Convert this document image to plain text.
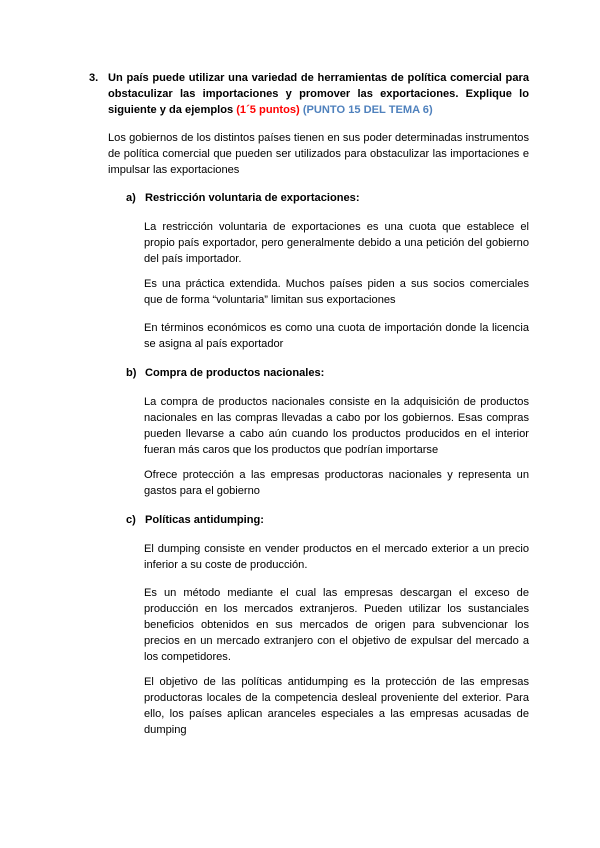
3. Un país puede utilizar una variedad de herramientas de política comercial para obstaculizar las importaciones y promover las exportaciones. Explique lo siguiente y da ejemplos (1´5 puntos) (PUNTO 15 DEL TEMA 6)

Los gobiernos de los distintos países tienen en sus poder determinadas instrumentos de política comercial que pueden ser utilizados para obstaculizar las importaciones e impulsar las exportaciones

a) Restricción voluntaria de exportaciones:

La restricción voluntaria de exportaciones es una cuota que establece el propio país exportador, pero generalmente debido a una petición del gobierno del país importador.

Es una práctica extendida. Muchos países piden a sus socios comerciales que de forma “voluntaria” limitan sus exportaciones

En términos económicos es como una cuota de importación donde la licencia se asigna al país exportador

b) Compra de productos nacionales:

La compra de productos nacionales consiste en la adquisición de productos nacionales en las compras llevadas a cabo por los gobiernos. Esas compras pueden llevarse a cabo aún cuando los productos producidos en el interior fueran más caros que los productos que podrían importarse

Ofrece protección a las empresas productoras nacionales y representa un gastos para el gobierno

c) Políticas antidumping:

El dumping consiste en vender productos en el mercado exterior a un precio inferior a su coste de producción.

Es un método mediante el cual las empresas descargan el exceso de producción en los mercados extranjeros. Pueden utilizar los sustanciales beneficios obtenidos en sus mercados de origen para subvencionar los precios en un mercado extranjero con el objetivo de expulsar del mercado a los competidores.

El objetivo de las políticas antidumping es la protección de las empresas productoras locales de la competencia desleal proveniente del exterior. Para ello, los países aplican aranceles especiales a las empresas acusadas de dumping
